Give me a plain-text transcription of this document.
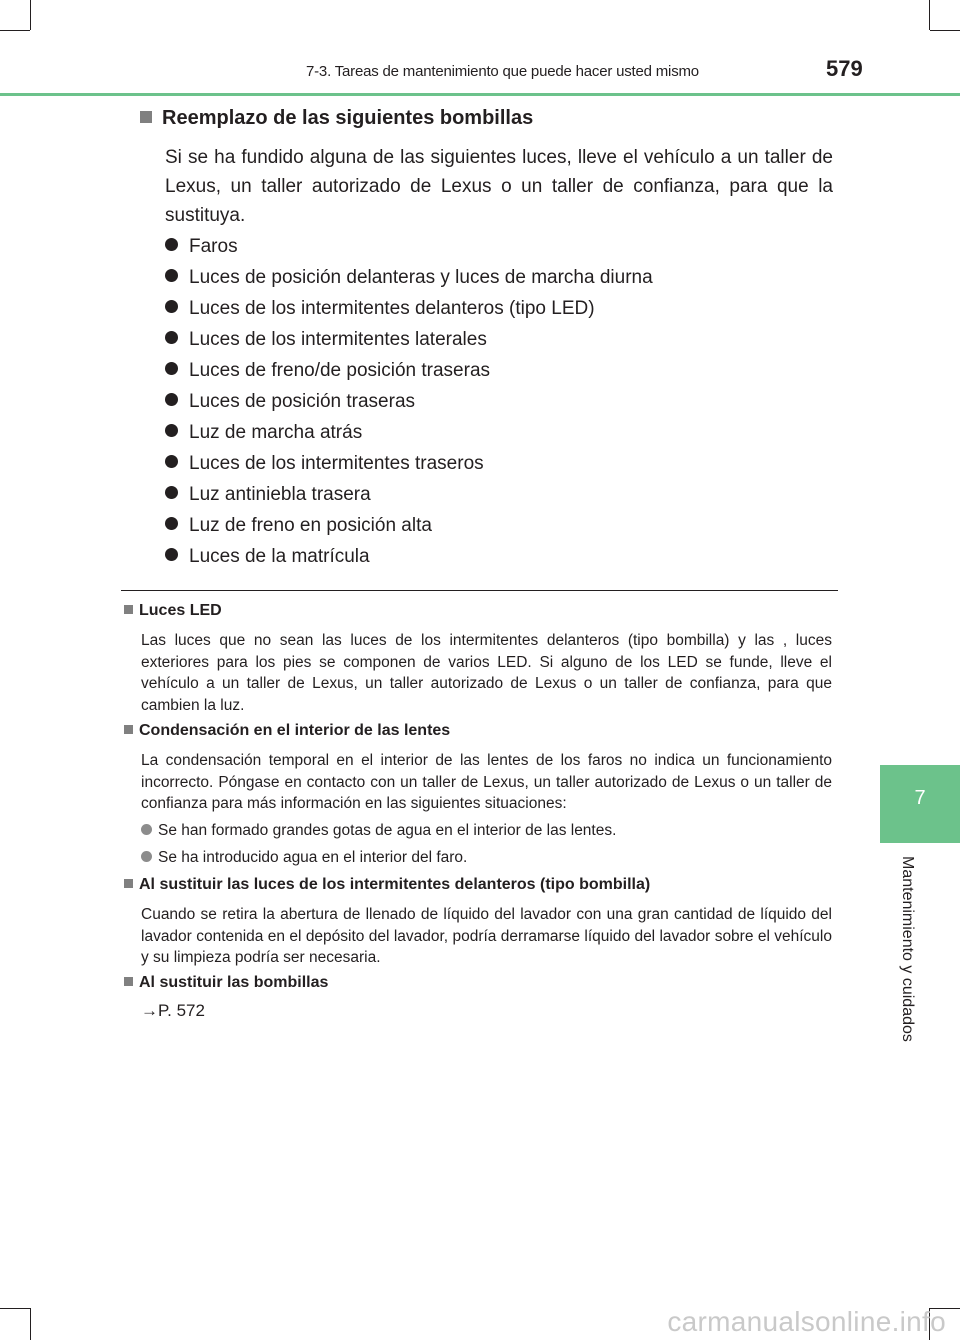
7-3. Tareas de mantenimiento que puede hacer usted mismo	579
7
Mantenimiento y cuidados
Reemplazo de las siguientes bombillas

Si se ha fundido alguna de las siguientes luces, lleve el vehículo a un taller de Lexus, un taller autorizado de Lexus o un taller de confianza, para que la sustituya.

Faros
Luces de posición delanteras y luces de marcha diurna
Luces de los intermitentes delanteros (tipo LED)
Luces de los intermitentes laterales
Luces de freno/de posición traseras
Luces de posición traseras
Luz de marcha atrás
Luces de los intermitentes traseros
Luz antiniebla trasera
Luz de freno en posición alta
Luces de la matrícula
Luces LED

Las luces que no sean las luces de los intermitentes delanteros (tipo bombilla) y las , luces exteriores para los pies se componen de varios LED. Si alguno de los LED se funde, lleve el vehículo a un taller de Lexus, un taller autorizado de Lexus o un taller de confianza, para que cambien la luz.

Condensación en el interior de las lentes

La condensación temporal en el interior de las lentes de los faros no indica un funcionamiento incorrecto. Póngase en contacto con un taller de Lexus, un taller autorizado de Lexus o un taller de confianza para más información en las siguientes situaciones:

Se han formado grandes gotas de agua en el interior de las lentes.
Se ha introducido agua en el interior del faro.
Al sustituir las luces de los intermitentes delanteros (tipo bombilla)

Cuando se retira la abertura de llenado de líquido del lavador con una gran cantidad de líquido del lavador contenida en el depósito del lavador, podría derramarse líquido del lavador sobre el vehículo y su limpieza podría ser necesaria.

Al sustituir las bombillas
→P. 572
carmanualsonline.info
